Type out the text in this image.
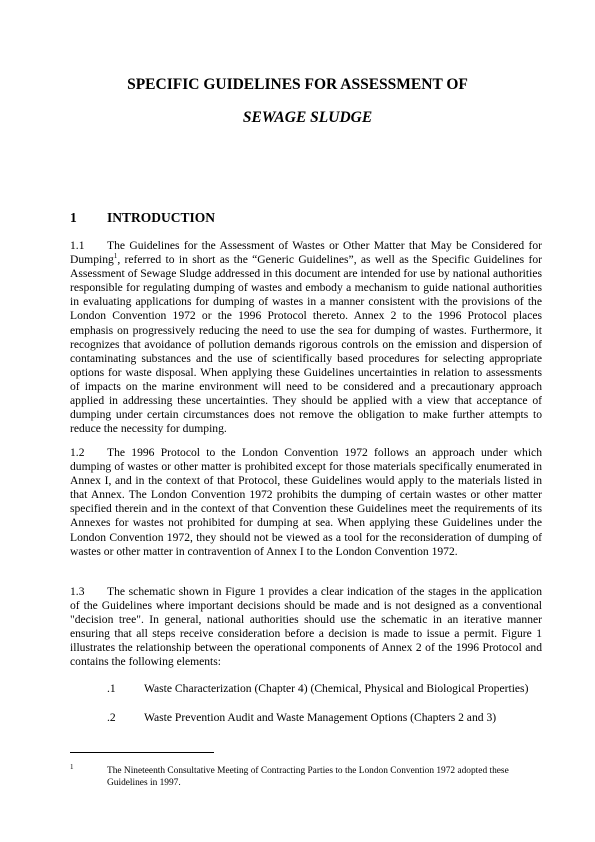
SPECIFIC GUIDELINES FOR ASSESSMENT OF
SEWAGE SLUDGE
1 INTRODUCTION

1.1 The Guidelines for the Assessment of Wastes or Other Matter that May be Considered for Dumping$^1$, referred to in short as the “Generic Guidelines”, as well as the Specific Guidelines for Assessment of Sewage Sludge addressed in this document are intended for use by national authorities responsible for regulating dumping of wastes and embody a mechanism to guide national authorities in evaluating applications for dumping of wastes in a manner consistent with the provisions of the London Convention 1972 or the 1996 Protocol thereto. Annex 2 to the 1996 Protocol places emphasis on progressively reducing the need to use the sea for dumping of wastes. Furthermore, it recognizes that avoidance of pollution demands rigorous controls on the emission and dispersion of contaminating substances and the use of scientifically based procedures for selecting appropriate options for waste disposal. When applying these Guidelines uncertainties in relation to assessments of impacts on the marine environment will need to be considered and a precautionary approach applied in addressing these uncertainties. They should be applied with a view that acceptance of dumping under certain circumstances does not remove the obligation to make further attempts to reduce the necessity for dumping.

1.2 The 1996 Protocol to the London Convention 1972 follows an approach under which dumping of wastes or other matter is prohibited except for those materials specifically enumerated in Annex I, and in the context of that Protocol, these Guidelines would apply to the materials listed in that Annex. The London Convention 1972 prohibits the dumping of certain wastes or other matter specified therein and in the context of that Convention these Guidelines meet the requirements of its Annexes for wastes not prohibited for dumping at sea. When applying these Guidelines under the London Convention 1972, they should not be viewed as a tool for the reconsideration of dumping of wastes or other matter in contravention of Annex I to the London Convention 1972.

1.3 The schematic shown in Figure 1 provides a clear indication of the stages in the application of the Guidelines where important decisions should be made and is not designed as a conventional "decision tree". In general, national authorities should use the schematic in an iterative manner ensuring that all steps receive consideration before a decision is made to issue a permit. Figure 1 illustrates the relationship between the operational components of Annex 2 of the 1996 Protocol and contains the following elements:

.1 Waste Characterization (Chapter 4) (Chemical, Physical and Biological Properties)
.2 Waste Prevention Audit and Waste Management Options (Chapters 2 and 3)
1	The Nineteenth Consultative Meeting of Contracting Parties to the London Convention 1972 adopted these Guidelines in 1997.
